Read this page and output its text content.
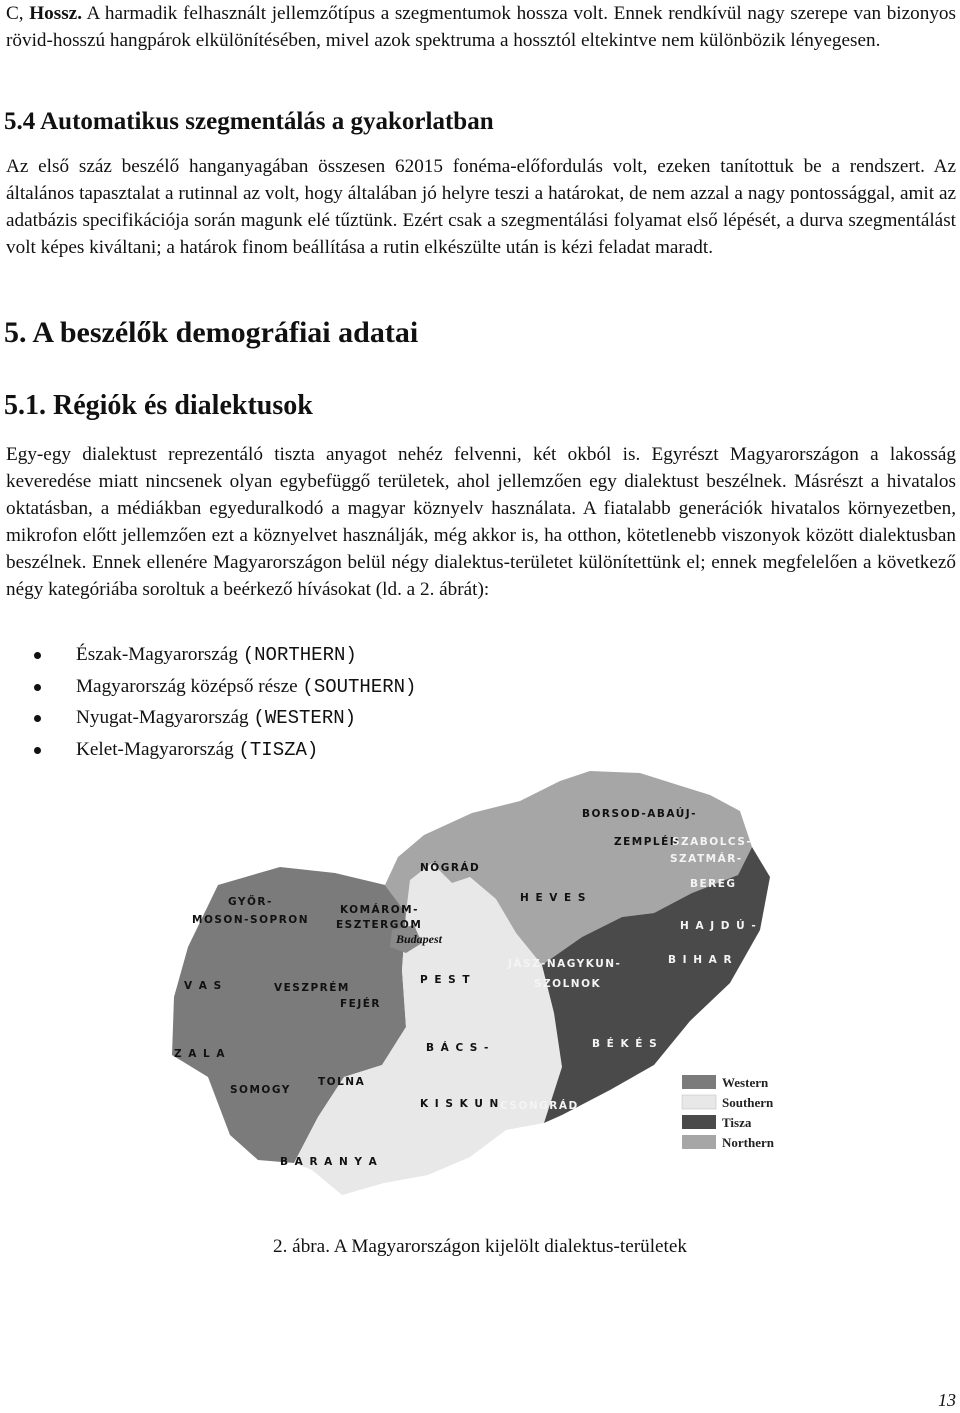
C, Hossz. A harmadik felhasznált jellemzőtípus a szegmentumok hossza volt. Ennek rendkívül nagy szerepe van bizonyos rövid-hosszú hangpárok elkülönítésében, mivel azok spektruma a hossztól eltekintve nem különbözik lényegesen.

5.4 Automatikus szegmentálás a gyakorlatban

Az első száz beszélő hanganyagában összesen 62015 fonéma-előfordulás volt, ezeken tanítottuk be a rendszert. Az általános tapasztalat a rutinnal az volt, hogy általában jó helyre teszi a határokat, de nem azzal a nagy pontossággal, amit az adatbázis specifikációja során magunk elé tűztünk. Ezért csak a szegmentálási folyamat első lépését, a durva szegmentálást volt képes kiváltani; a határok finom beállítása a rutin elkészülte után is kézi feladat maradt.

5. A beszélők demográfiai adatai
5.1. Régiók és dialektusok

Egy-egy dialektust reprezentáló tiszta anyagot nehéz felvenni, két okból is. Egyrészt Magyarországon a lakosság keveredése miatt nincsenek olyan egybefüggő területek, ahol jellemzően egy dialektust beszélnek. Másrészt a hivatalos oktatásban, a médiákban egyeduralkodó a magyar köznyelv használata. A fiatalabb generációk hivatalos környezetben, mikrofon előtt jellemzően ezt a köznyelvet használják, még akkor is, ha otthon, kötetlenebb viszonyok között dialektusban beszélnek. Ennek ellenére Magyarországon belül négy dialektus-területet különítettünk el; ennek megfelelően a következő négy kategóriába soroltuk a beérkező hívásokat (ld. a 2. ábrát):

Észak-Magyarország (NORTHERN)
Magyarország középső része (SOUTHERN)
Nyugat-Magyarország (WESTERN)
Kelet-Magyarország (TISZA)
GYŐR-
MOSON-SOPRON
KOMÁROM-
ESZTERGOM
Budapest
V A S	VESZPRÉM
FEJÉR
Z A L A
SOMOGY
TOLNA
B A R A N Y A
P E S T
B Á C S -
K I S K U N
NÓGRÁD
H E V E S
BORSOD-ABAÚJ-
ZEMPLÉN
SZABOLCS-
SZATMÁR-
BEREG
H A J D Ú -
B I H A R
JÁSZ-NAGYKUN-
SZOLNOK
B É K É S
CSONGRÁD
Western
Southern
Tisza
Northern
2. ábra. A Magyarországon kijelölt dialektus-területek
13
